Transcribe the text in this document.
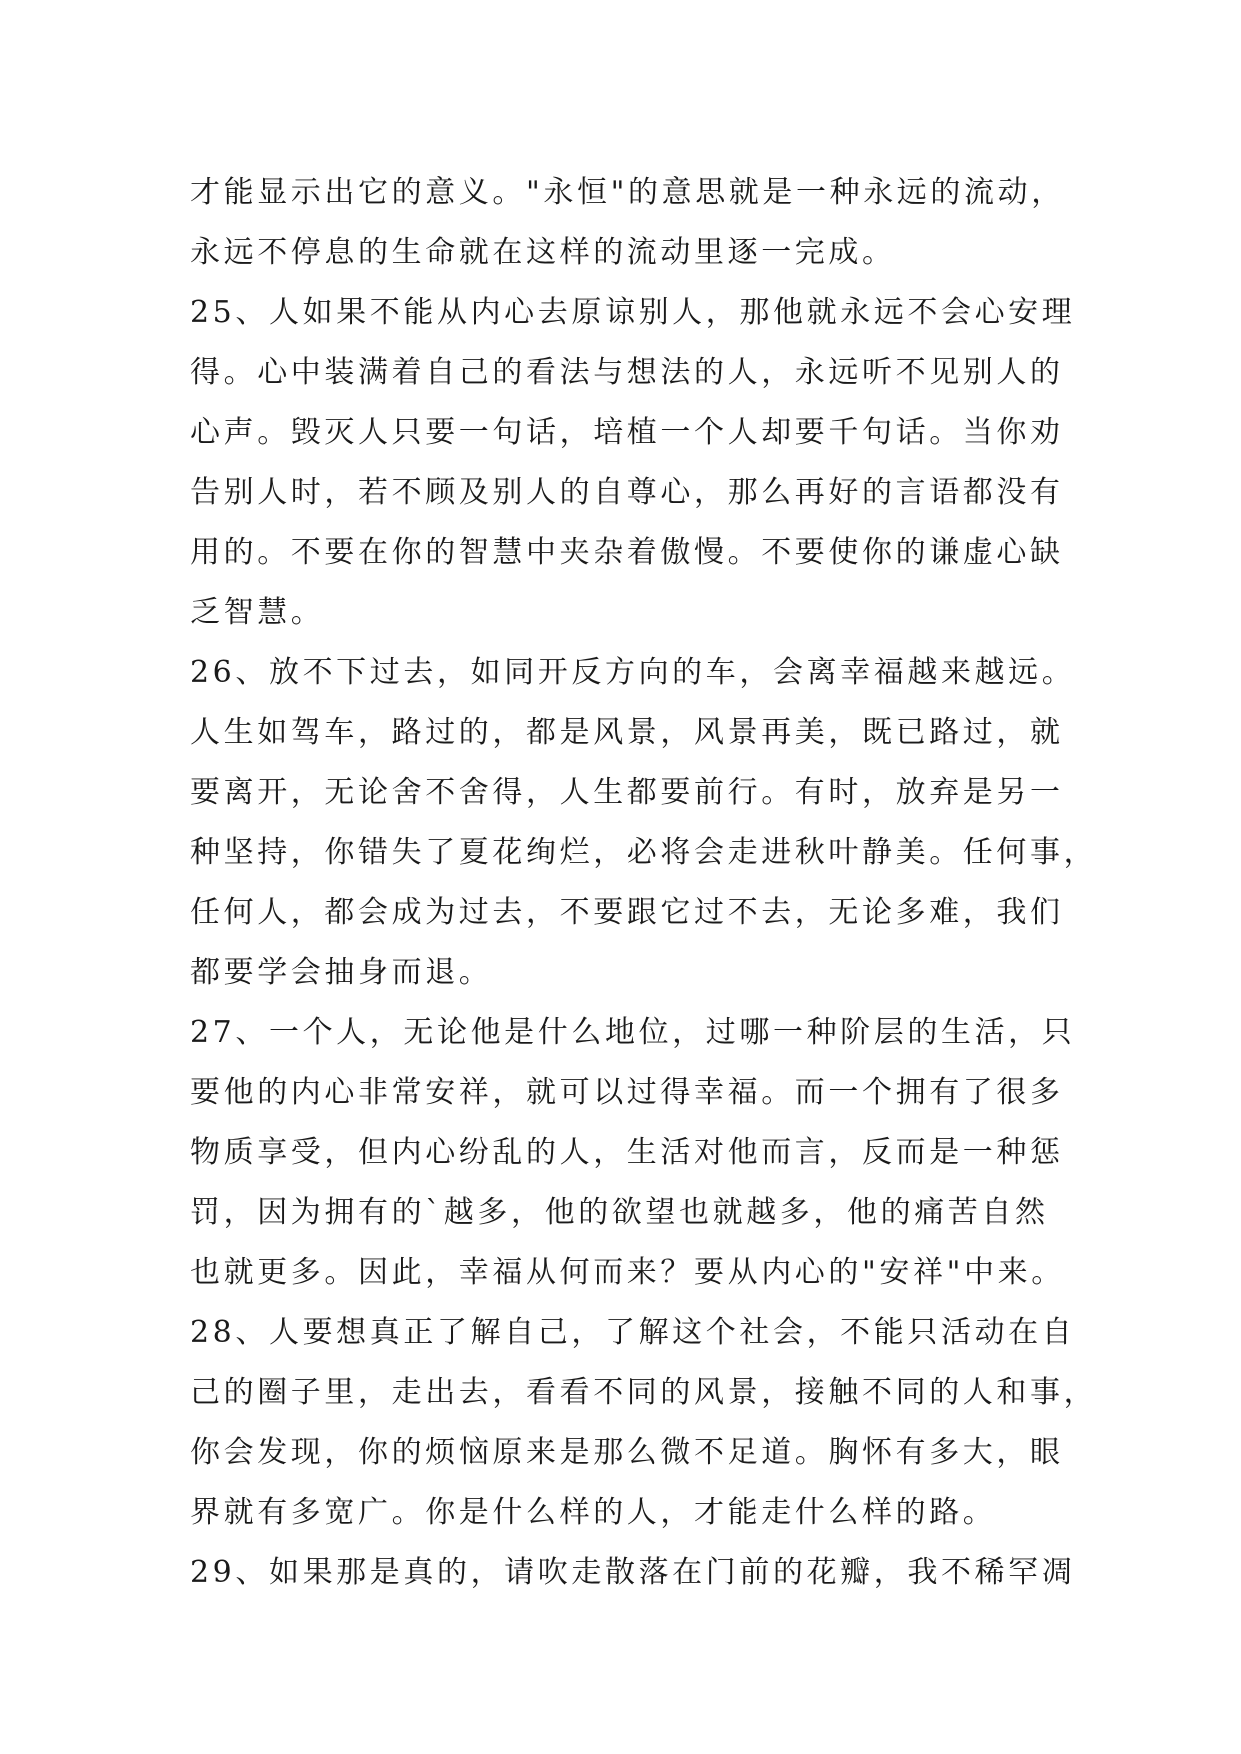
才能显示出它的意义。"永恒"的意思就是一种永远的流动，
永远不停息的生命就在这样的流动里逐一完成。
25、人如果不能从内心去原谅别人，那他就永远不会心安理
得。心中装满着自己的看法与想法的人，永远听不见别人的
心声。毁灭人只要一句话，培植一个人却要千句话。当你劝
告别人时，若不顾及别人的自尊心，那么再好的言语都没有
用的。不要在你的智慧中夹杂着傲慢。不要使你的谦虚心缺
乏智慧。
26、放不下过去，如同开反方向的车，会离幸福越来越远。
人生如驾车，路过的，都是风景，风景再美，既已路过，就
要离开，无论舍不舍得，人生都要前行。有时，放弃是另一
种坚持，你错失了夏花绚烂，必将会走进秋叶静美。任何事，
任何人，都会成为过去，不要跟它过不去，无论多难，我们
都要学会抽身而退。
27、一个人，无论他是什么地位，过哪一种阶层的生活，只
要他的内心非常安祥，就可以过得幸福。而一个拥有了很多
物质享受，但内心纷乱的人，生活对他而言，反而是一种惩
罚，因为拥有的`越多，他的欲望也就越多，他的痛苦自然
也就更多。因此，幸福从何而来？要从内心的"安祥"中来。
28、人要想真正了解自己，了解这个社会，不能只活动在自
己的圈子里，走出去，看看不同的风景，接触不同的人和事，
你会发现，你的烦恼原来是那么微不足道。胸怀有多大，眼
界就有多宽广。你是什么样的人，才能走什么样的路。
29、如果那是真的，请吹走散落在门前的花瓣，我不稀罕凋
